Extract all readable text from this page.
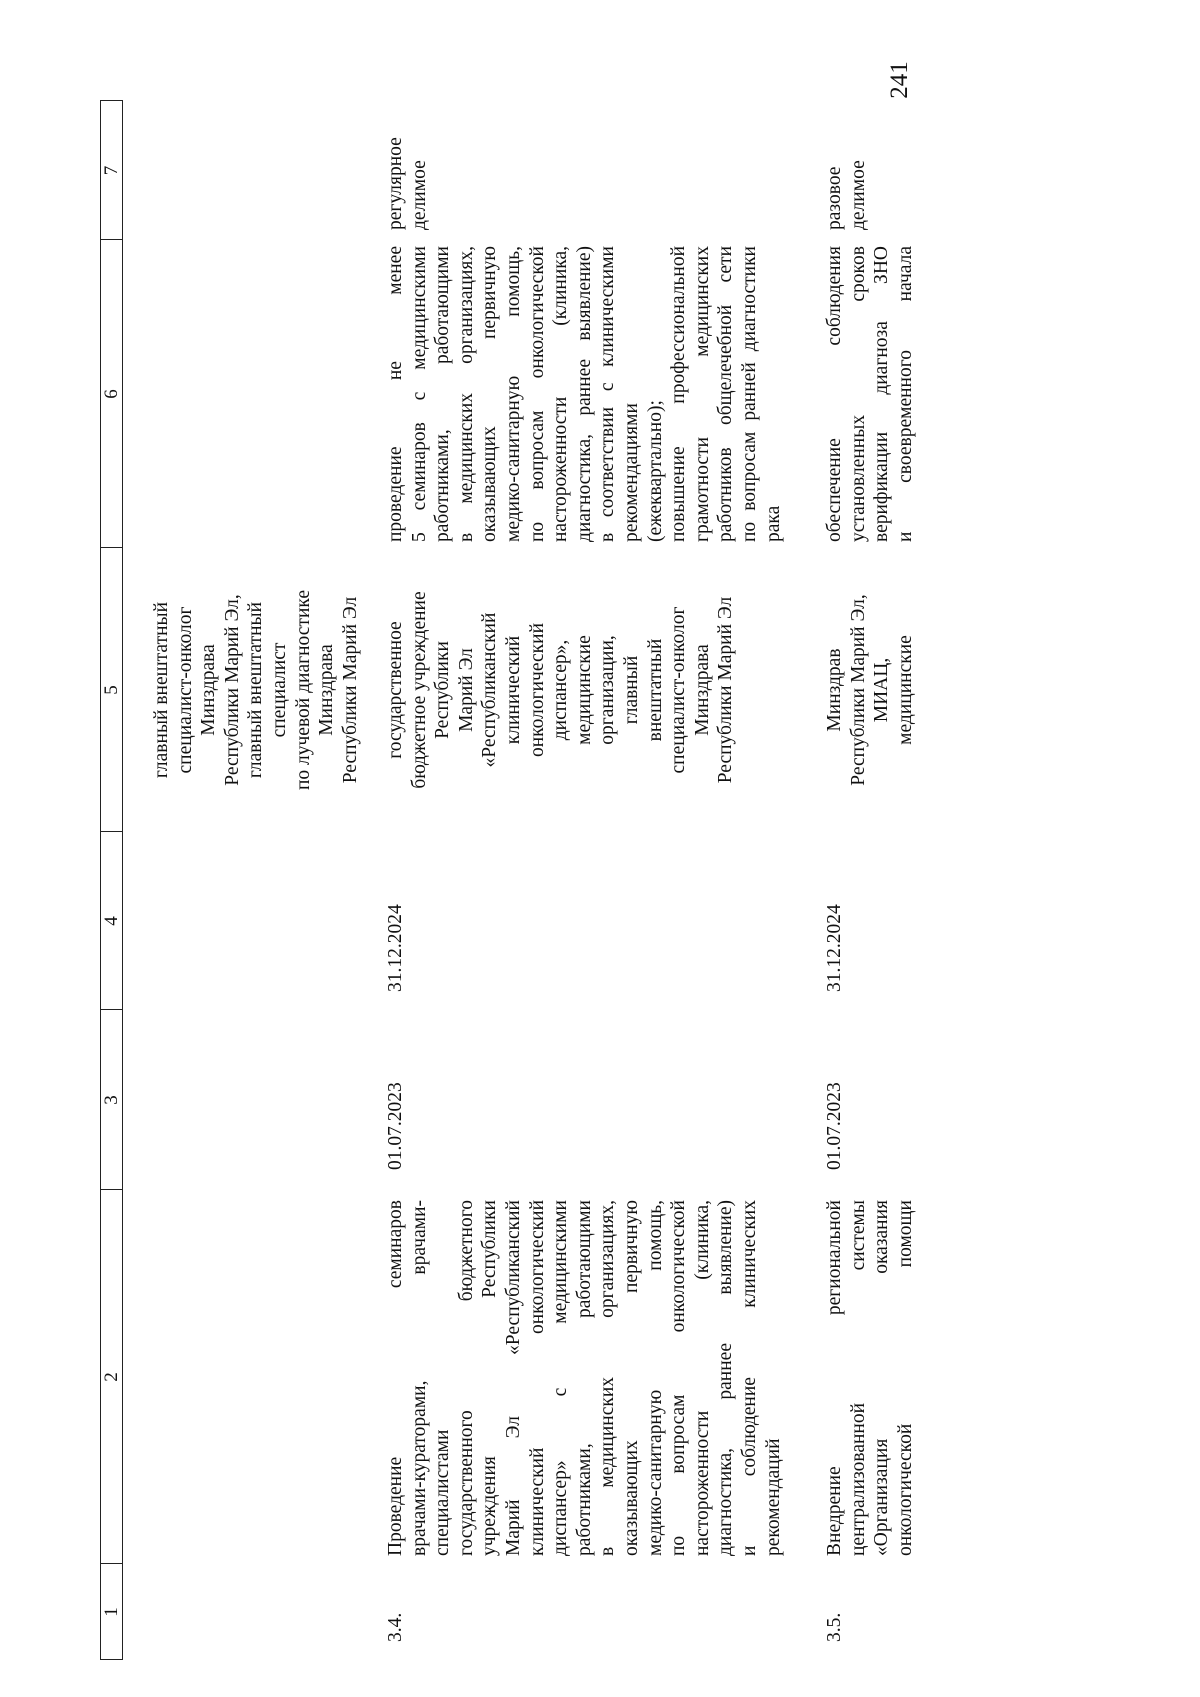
241
1
2
3
4
5
6
7
главный внештатный специалист-онколог Минздрава Республики Марий Эл, главный внештатный специалист по лучевой диагностике Минздрава Республики Марий Эл
3.4.
Проведение семинаров врачами-кураторами, врачами- специалистами государственного бюджетного учреждения Республики Марий Эл «Республиканский клинический онкологический диспансер» с медицинскими работниками, работающими в медицинских организациях, оказывающих первичную медико-санитарную помощь, по вопросам онкологической настороженности (клиника, диагностика, раннее выявление) и соблюдение клинических рекомендаций
01.07.2023
31.12.2024
государственное бюджетное учреждение Республики Марий Эл «Республиканский клинический онкологический диспансер», медицинские организации, главный внештатный специалист-онколог Минздрава Республики Марий Эл
проведение не менее 5 семинаров с медицинскими работниками, работающими в медицинских организациях, оказывающих первичную медико-санитарную помощь, по вопросам онкологической настороженности (клиника, диагностика, раннее выявление) в соответствии с клиническими рекомендациями (ежеквартально); повышение профессиональной грамотности медицинских работников общелечебной сети по вопросам ранней диагностики рака
регулярное делимое
3.5.
Внедрение региональной централизованной системы «Организация оказания онкологической помощи
01.07.2023
31.12.2024
Минздрав Республики Марий Эл, МИАЦ, медицинские
обеспечение соблюдения установленных сроков верификации диагноза ЗНО и своевременного начала
разовое делимое
